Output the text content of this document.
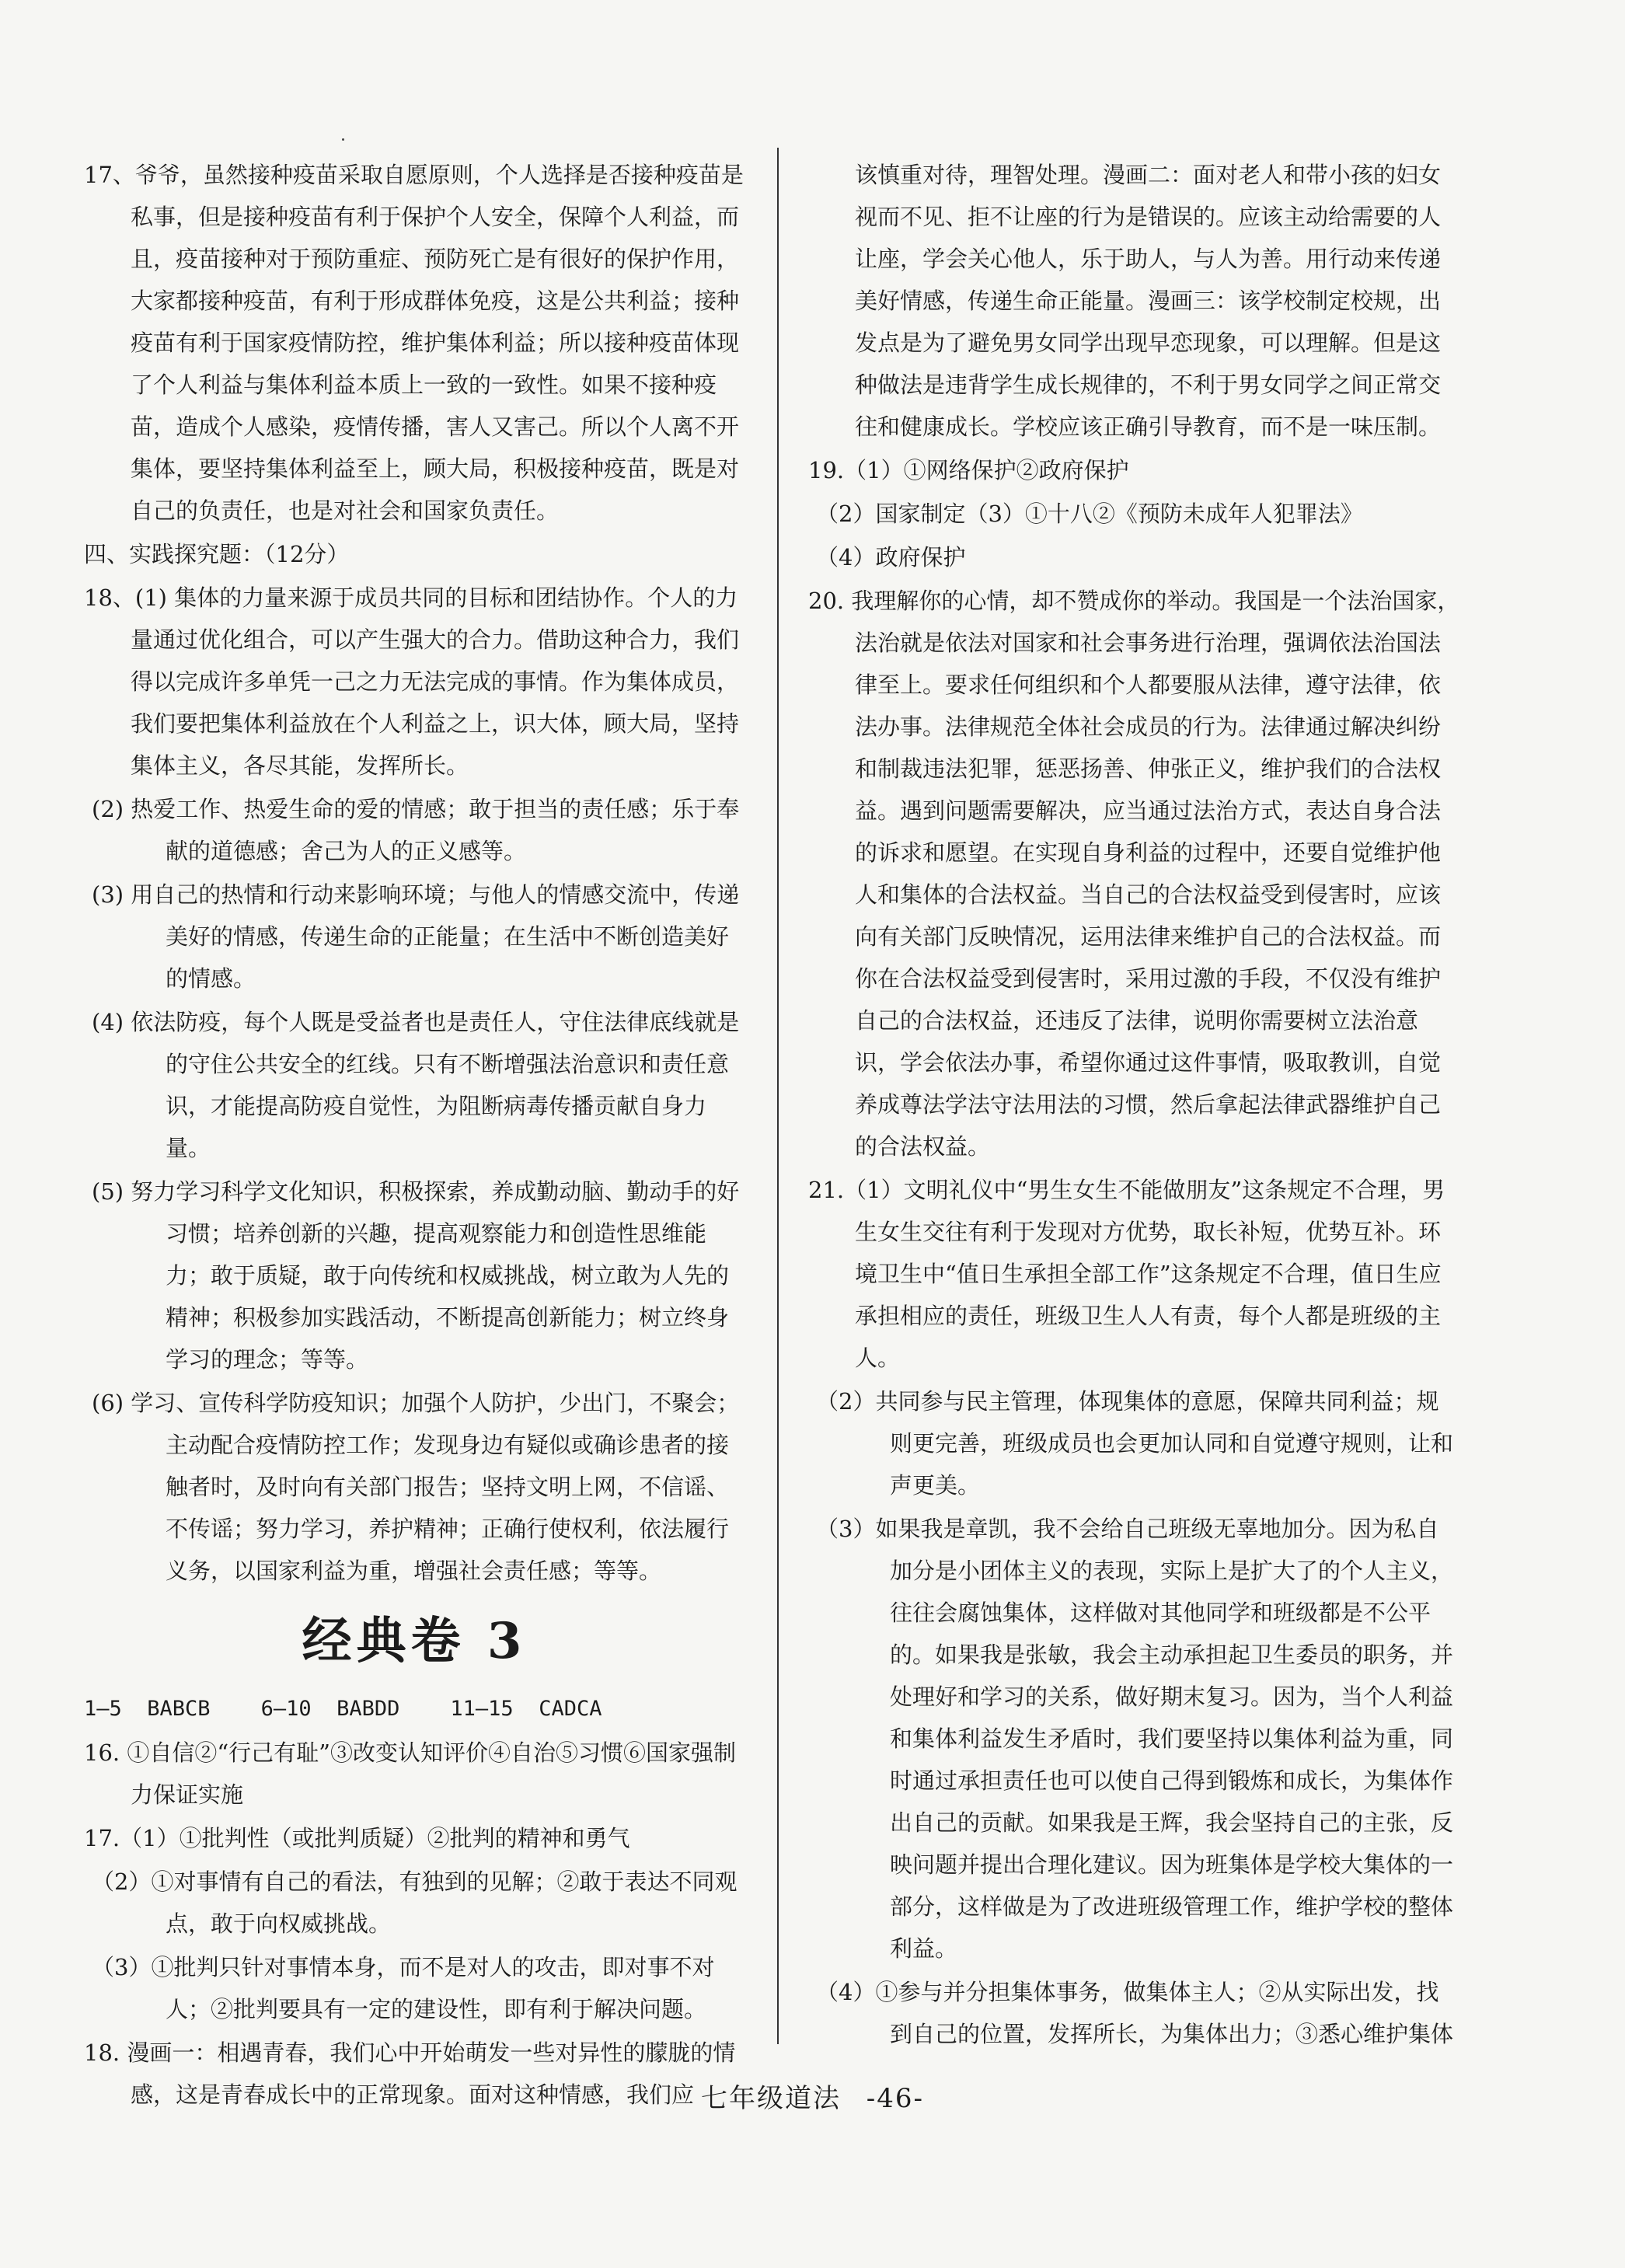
17、爷爷，虽然接种疫苗采取自愿原则，个人选择是否接种疫苗是私事，但是接种疫苗有利于保护个人安全，保障个人利益，而且，疫苗接种对于预防重症、预防死亡是有很好的保护作用，大家都接种疫苗，有利于形成群体免疫，这是公共利益；接种疫苗有利于国家疫情防控，维护集体利益；所以接种疫苗体现了个人利益与集体利益本质上一致的一致性。如果不接种疫苗，造成个人感染，疫情传播，害人又害己。所以个人离不开集体，要坚持集体利益至上，顾大局，积极接种疫苗，既是对自己的负责任，也是对社会和国家负责任。

四、实践探究题：（12分）

18、(1) 集体的力量来源于成员共同的目标和团结协作。个人的力量通过优化组合，可以产生强大的合力。借助这种合力，我们得以完成许多单凭一己之力无法完成的事情。作为集体成员，我们要把集体利益放在个人利益之上，识大体，顾大局，坚持集体主义，各尽其能，发挥所长。

(2) 热爱工作、热爱生命的爱的情感；敢于担当的责任感；乐于奉献的道德感；舍己为人的正义感等。

(3) 用自己的热情和行动来影响环境；与他人的情感交流中，传递美好的情感，传递生命的正能量；在生活中不断创造美好的情感。

(4) 依法防疫，每个人既是受益者也是责任人，守住法律底线就是的守住公共安全的红线。只有不断增强法治意识和责任意识，才能提高防疫自觉性，为阻断病毒传播贡献自身力量。

(5) 努力学习科学文化知识，积极探索，养成勤动脑、勤动手的好习惯；培养创新的兴趣，提高观察能力和创造性思维能力；敢于质疑，敢于向传统和权威挑战，树立敢为人先的精神；积极参加实践活动，不断提高创新能力；树立终身学习的理念；等等。

(6) 学习、宣传科学防疫知识；加强个人防护，少出门，不聚会；主动配合疫情防控工作；发现身边有疑似或确诊患者的接触者时，及时向有关部门报告；坚持文明上网，不信谣、不传谣；努力学习，养护精神；正确行使权利，依法履行义务，以国家利益为重，增强社会责任感；等等。

经典卷 3

1—5  BABCB    6—10  BABDD    11—15  CADCA

16. ①自信②“行己有耻”③改变认知评价④自治⑤习惯⑥国家强制力保证实施

17.（1）①批判性（或批判质疑）②批判的精神和勇气

（2）①对事情有自己的看法，有独到的见解；②敢于表达不同观点，敢于向权威挑战。

（3）①批判只针对事情本身，而不是对人的攻击，即对事不对人；②批判要具有一定的建设性，即有利于解决问题。

18. 漫画一：相遇青春，我们心中开始萌发一些对异性的朦胧的情感，这是青春成长中的正常现象。面对这种情感，我们应

该慎重对待，理智处理。漫画二：面对老人和带小孩的妇女视而不见、拒不让座的行为是错误的。应该主动给需要的人让座，学会关心他人，乐于助人，与人为善。用行动来传递美好情感，传递生命正能量。漫画三：该学校制定校规，出发点是为了避免男女同学出现早恋现象，可以理解。但是这种做法是违背学生成长规律的，不利于男女同学之间正常交往和健康成长。学校应该正确引导教育，而不是一味压制。

19.（1）①网络保护②政府保护

（2）国家制定（3）①十八②《预防未成年人犯罪法》

（4）政府保护

20. 我理解你的心情，却不赞成你的举动。我国是一个法治国家，法治就是依法对国家和社会事务进行治理，强调依法治国法律至上。要求任何组织和个人都要服从法律，遵守法律，依法办事。法律规范全体社会成员的行为。法律通过解决纠纷和制裁违法犯罪，惩恶扬善、伸张正义，维护我们的合法权益。遇到问题需要解决，应当通过法治方式，表达自身合法的诉求和愿望。在实现自身利益的过程中，还要自觉维护他人和集体的合法权益。当自己的合法权益受到侵害时，应该向有关部门反映情况，运用法律来维护自己的合法权益。而你在合法权益受到侵害时，采用过激的手段，不仅没有维护自己的合法权益，还违反了法律，说明你需要树立法治意识，学会依法办事，希望你通过这件事情，吸取教训，自觉养成尊法学法守法用法的习惯，然后拿起法律武器维护自己的合法权益。

21.（1）文明礼仪中“男生女生不能做朋友”这条规定不合理，男生女生交往有利于发现对方优势，取长补短，优势互补。环境卫生中“值日生承担全部工作”这条规定不合理，值日生应承担相应的责任，班级卫生人人有责，每个人都是班级的主人。

（2）共同参与民主管理，体现集体的意愿，保障共同利益；规则更完善，班级成员也会更加认同和自觉遵守规则，让和声更美。

（3）如果我是章凯，我不会给自己班级无辜地加分。因为私自加分是小团体主义的表现，实际上是扩大了的个人主义，往往会腐蚀集体，这样做对其他同学和班级都是不公平的。如果我是张敏，我会主动承担起卫生委员的职务，并处理好和学习的关系，做好期末复习。因为，当个人利益和集体利益发生矛盾时，我们要坚持以集体利益为重，同时通过承担责任也可以使自己得到锻炼和成长，为集体作出自己的贡献。如果我是王辉，我会坚持自己的主张，反映问题并提出合理化建议。因为班集体是学校大集体的一部分，这样做是为了改进班级管理工作，维护学校的整体利益。

（4）①参与并分担集体事务，做集体主人；②从实际出发，找到自己的位置，发挥所长，为集体出力；③悉心维护集体

七年级道法 -46-
